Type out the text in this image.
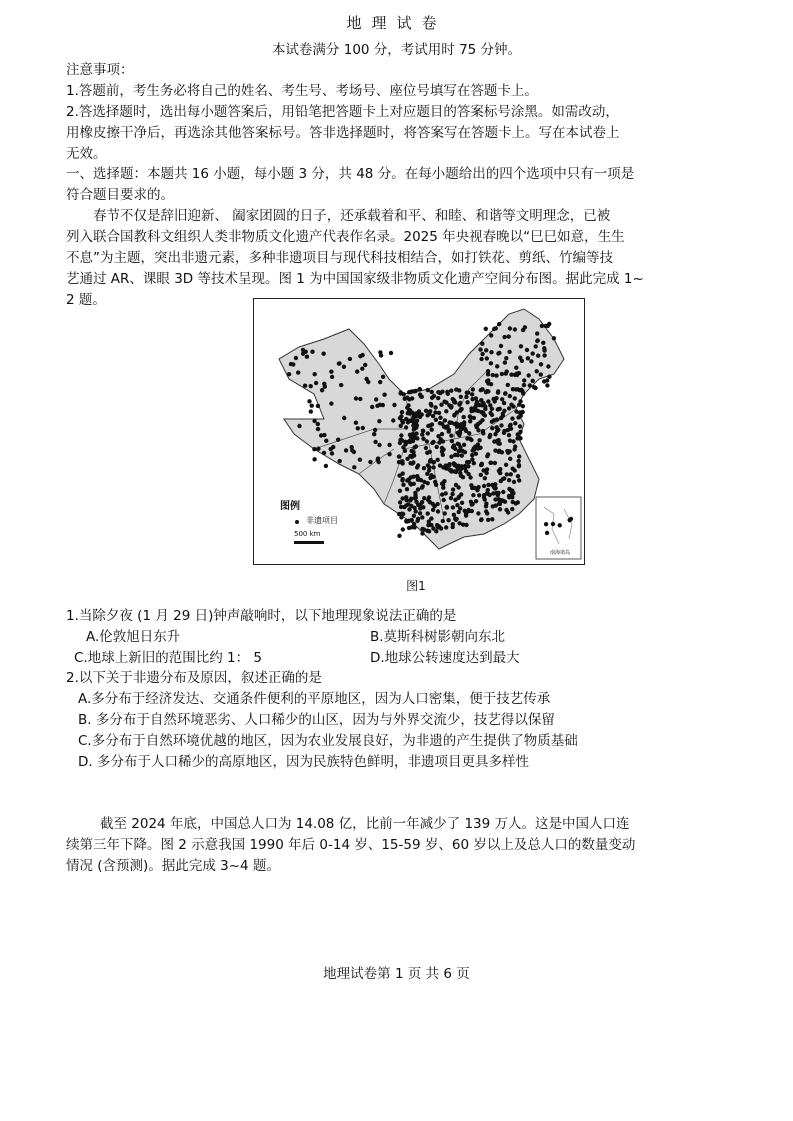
地理试卷
本试卷满分 100 分，考试用时 75 分钟。
注意事项：
1.答题前，考生务必将自己的姓名、考生号、考场号、座位号填写在答题卡上。
2.答选择题时，选出每小题答案后，用铅笔把答题卡上对应题目的答案标号涂黑。如需改动，
用橡皮擦干净后，再选涂其他答案标号。答非选择题时，将答案写在答题卡上。写在本试卷上
无效。
一、选择题：本题共 16 小题，每小题 3 分，共 48 分。在每小题给出的四个选项中只有一项是
符合题目要求的。
春节不仅是辞旧迎新、 阖家团圆的日子，还承载着和平、和睦、和谐等文明理念，已被
列入联合国教科文组织人类非物质文化遗产代表作名录。2025 年央视春晚以“巳巳如意，生生
不息”为主题，突出非遗元素，多种非遗项目与现代科技相结合，如打铁花、剪纸、竹编等技
艺通过 AR、课眼 3D 等技术呈现。图 1 为中国国家级非物质文化遗产空间分布图。据此完成 1~
2 题。
图例
非遗项目
500 km
南海诸岛
图1
1.当除夕夜 (1 月 29 日)钟声敲响时，以下地理现象说法正确的是
A.伦敦旭日东升	B.莫斯科树影朝向东北
C.地球上新旧的范围比约 1： 5	D.地球公转速度达到最大
2.以下关于非遗分布及原因，叙述正确的是
A.多分布于经济发达、交通条件便利的平原地区，因为人口密集，便于技艺传承
B. 多分布于自然环境恶劣、人口稀少的山区，因为与外界交流少，技艺得以保留
C.多分布于自然环境优越的地区，因为农业发展良好，为非遗的产生提供了物质基础
D. 多分布于人口稀少的高原地区，因为民族特色鲜明，非遗项目更具多样性
截至 2024 年底，中国总人口为 14.08 亿，比前一年减少了 139 万人。这是中国人口连
续第三年下降。图 2 示意我国 1990 年后 0-14 岁、15-59 岁、60 岁以上及总人口的数量变动
情况 (含预测)。据此完成 3~4 题。
地理试卷第 1 页 共 6 页
